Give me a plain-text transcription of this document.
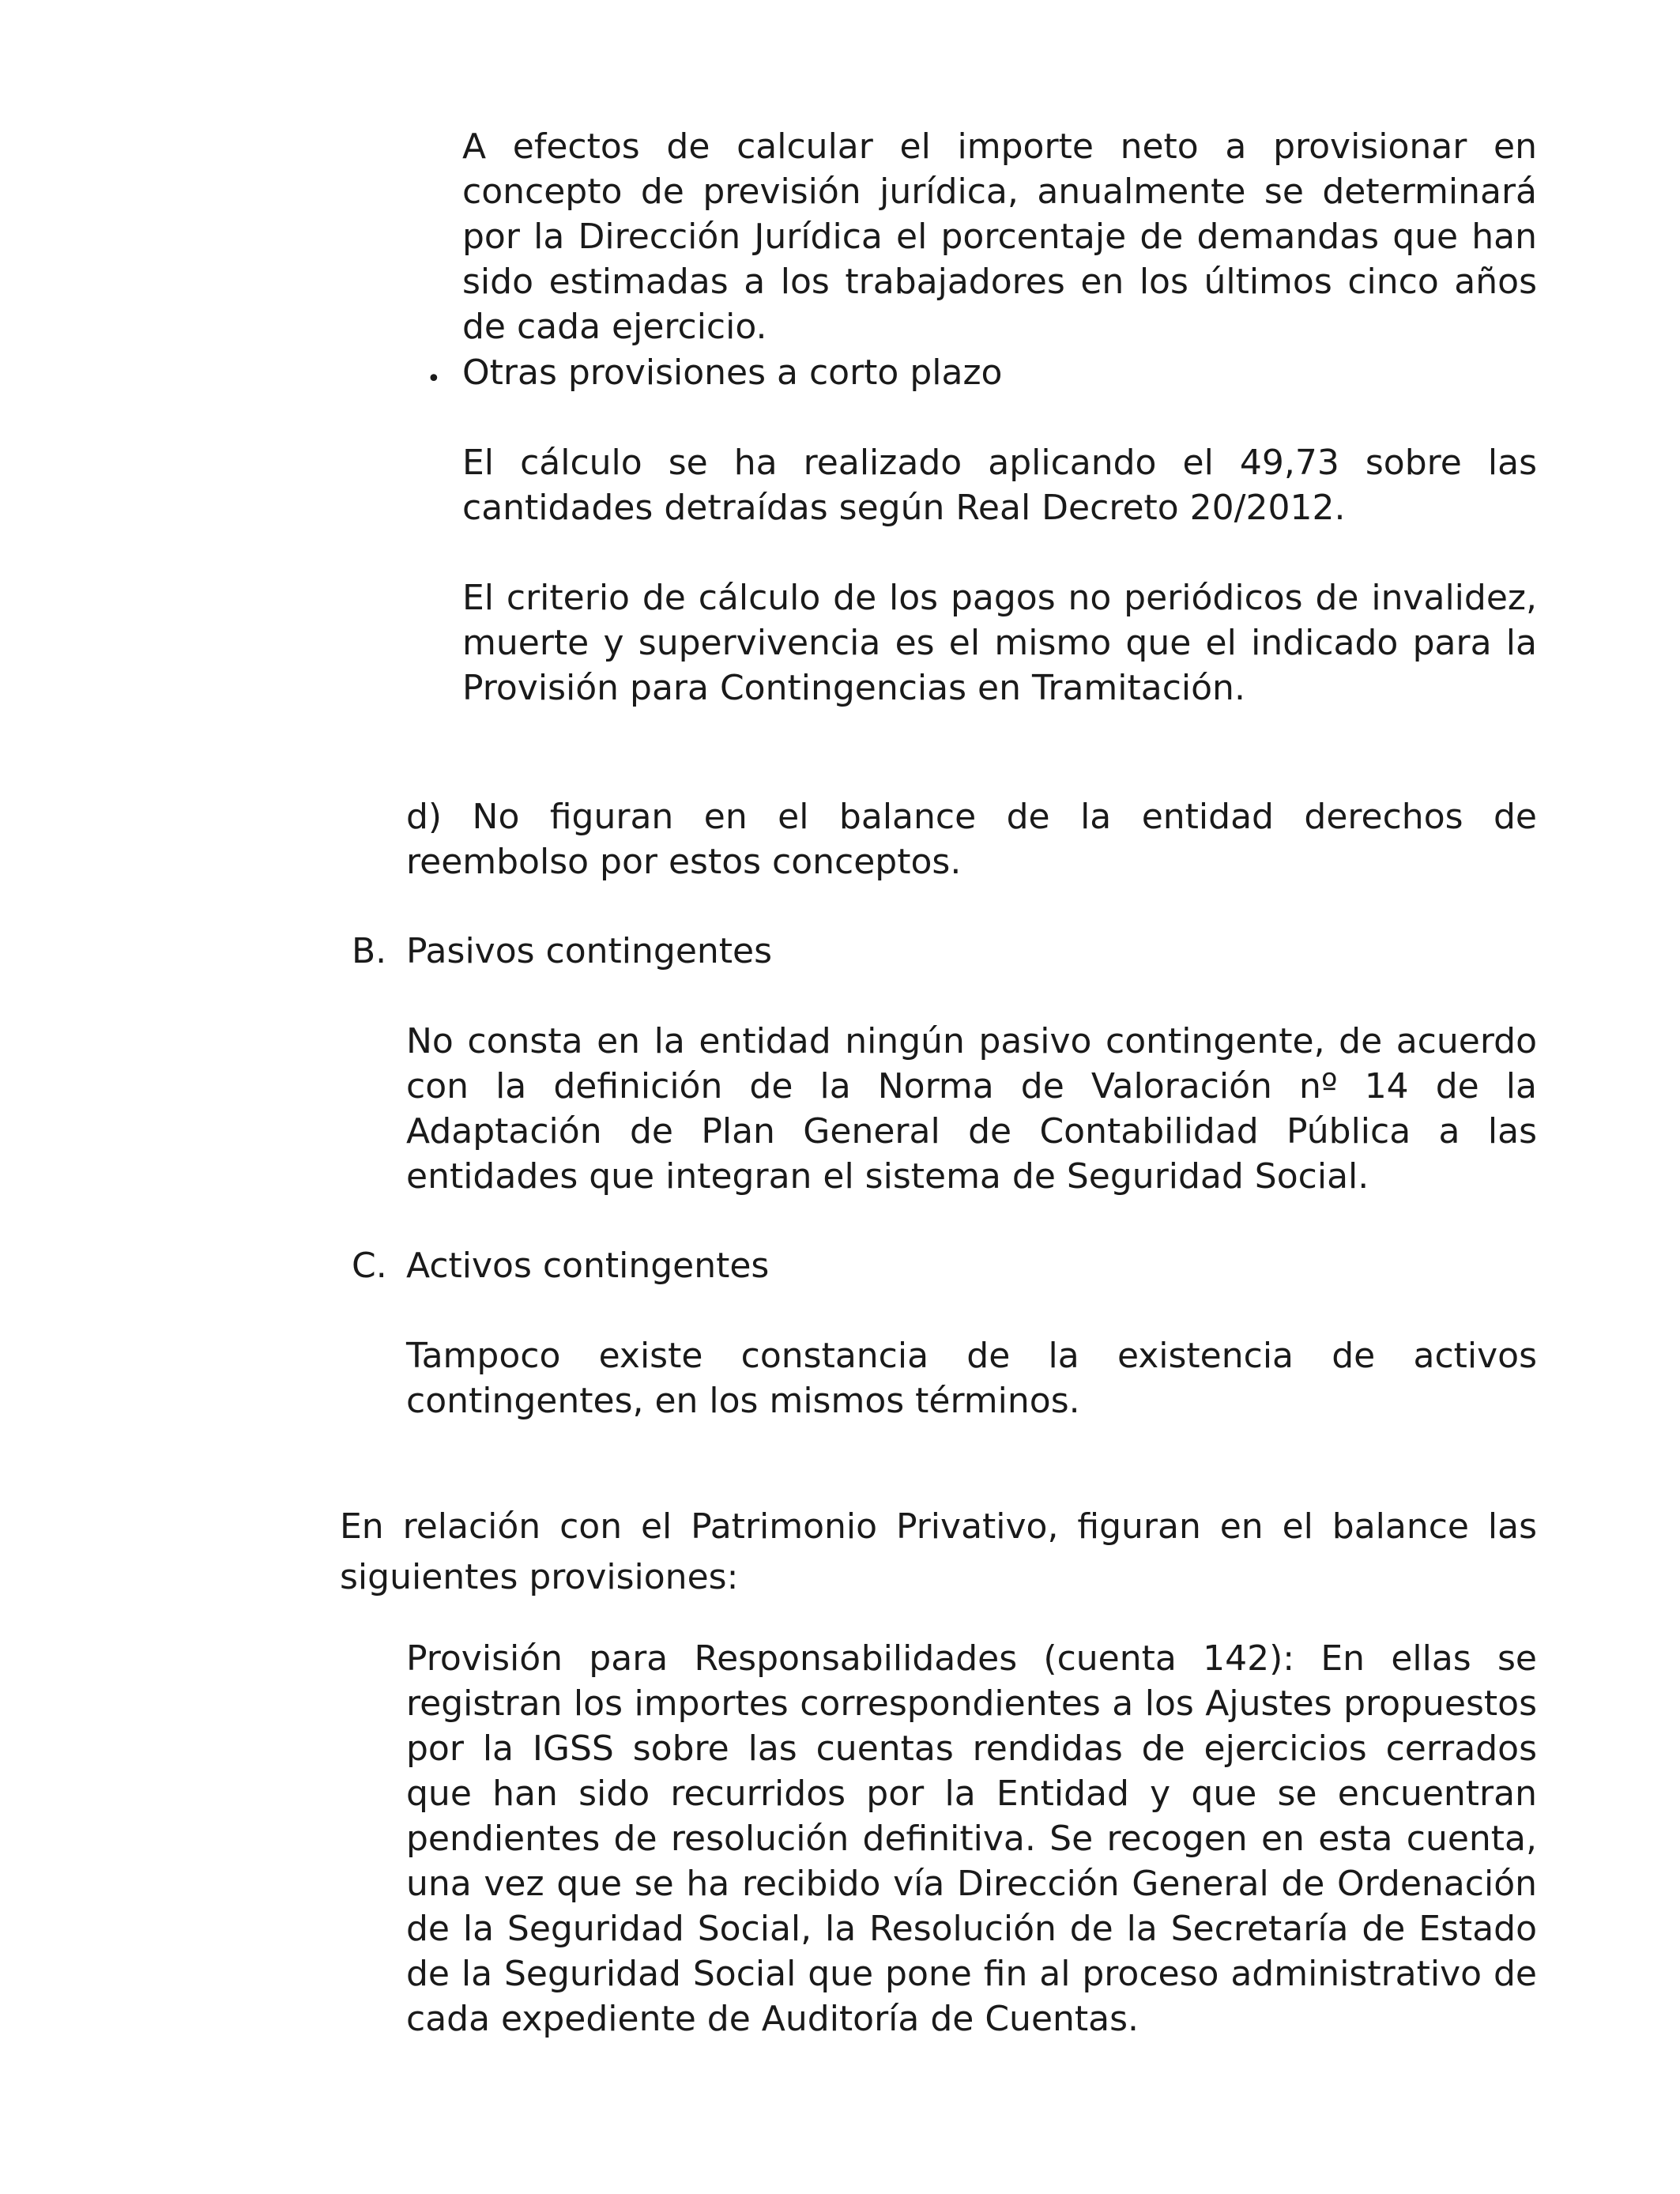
A efectos de calcular el importe neto a provisionar en concepto de previsión jurídica, anualmente se determinará por la Dirección Jurídica el porcentaje de demandas que han sido estimadas a los trabajadores en los últimos cinco años de cada ejercicio.

• Otras provisiones a corto plazo

El cálculo se ha realizado aplicando el 49,73 sobre las cantidades detraídas según Real Decreto 20/2012.

El criterio de cálculo de los pagos no periódicos de invalidez, muerte y supervivencia es el mismo que el indicado para la Provisión para Contingencias en Tramitación.

d) No figuran en el balance de la entidad derechos de reembolso por estos conceptos.

B. Pasivos contingentes

No consta en la entidad ningún pasivo contingente, de acuerdo con la definición de la Norma de Valoración nº 14 de la Adaptación de Plan General de Contabilidad Pública a las entidades que integran el sistema de Seguridad Social.

C. Activos contingentes

Tampoco existe constancia de la existencia de activos contingentes, en los mismos términos.

En relación con el Patrimonio Privativo, figuran en el balance las siguientes provisiones:

Provisión para Responsabilidades (cuenta 142): En ellas se registran los importes correspondientes a los Ajustes propuestos por la IGSS sobre las cuentas rendidas de ejercicios cerrados que han sido recurridos por la Entidad y que se encuentran pendientes de resolución definitiva. Se recogen en esta cuenta, una vez que se ha recibido vía Dirección General de Ordenación de la Seguridad Social, la Resolución de la Secretaría de Estado de la Seguridad Social que pone fin al proceso administrativo de cada expediente de Auditoría de Cuentas.
